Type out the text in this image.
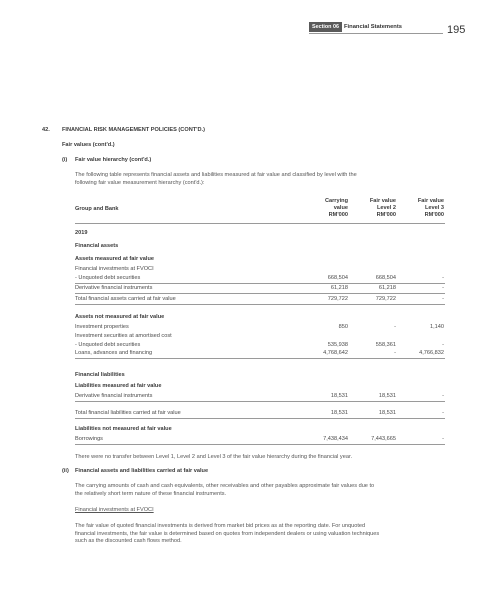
Section 06 Financial Statements	195
42. FINANCIAL RISK MANAGEMENT POLICIES (CONT'D.)
Fair values (cont'd.)
(i) Fair value hierarchy (cont'd.)
The following table represents financial assets and liabilities measured at fair value and classified by level with the
following fair value measurement hierarchy (cont'd.):
Group and Bank
Carrying
value
RM'000
Fair value
Level 2
RM'000
Fair value
Level 3
RM'000
2019
Financial assets
Assets measured at fair value
Financial investments at FVOCI
- Unquoted debt securities	668,504	668,504	-
Derivative financial instruments	61,218	61,218	-
Total financial assets carried at fair value	729,722	729,722	-
Assets not measured at fair value
Investment properties	850	-	1,140
Investment securities at amortised cost
- Unquoted debt securities	535,938	558,361	-
Loans, advances and financing	4,768,642	-	4,766,832
Financial liabilities
Liabilities measured at fair value
Derivative financial instruments	18,531	18,531	-
Total financial liabilities carried at fair value	18,531	18,531	-
Liabilities not measured at fair value
Borrowings	7,438,434	7,443,665	-
There were no transfer between Level 1, Level 2 and Level 3 of the fair value hierarchy during the financial year.
(ii) Financial assets and liabilities carried at fair value
The carrying amounts of cash and cash equivalents, other receivables and other payables approximate fair values due to
the relatively short term nature of these financial instruments.
Financial investments at FVOCI
The fair value of quoted financial investments is derived from market bid prices as at the reporting date. For unquoted
financial investments, the fair value is determined based on quotes from independent dealers or using valuation techniques
such as the discounted cash flows method.
